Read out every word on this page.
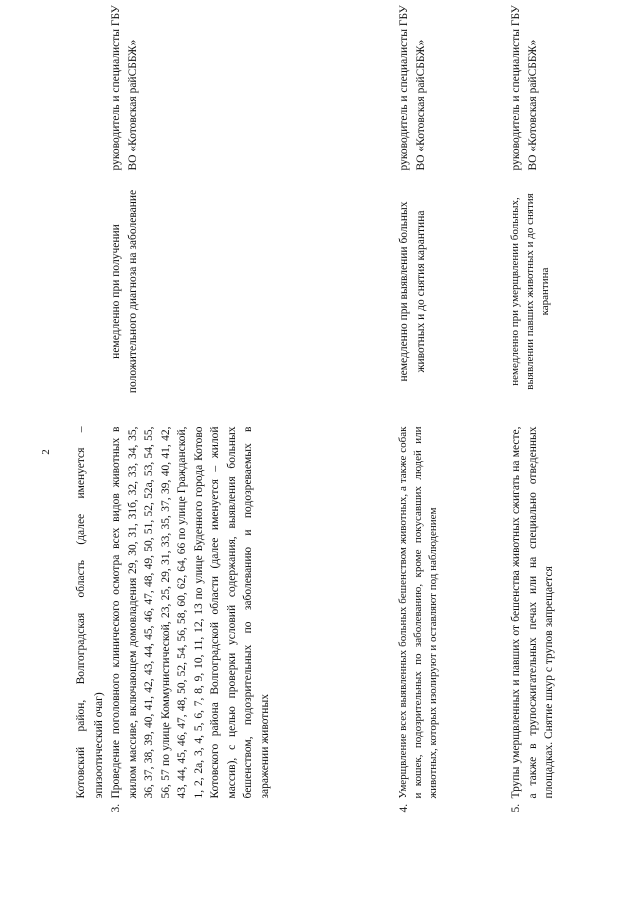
2 Котовский район, Волгоградская область (далее именуется – эпизоотический очаг)
3.
Проведение поголовного клинического осмотра всех видов животных в жилом массиве, включающем домовладения 29, 30, 31, 31б, 32, 33, 34, 35, 36, 37, 38, 39, 40, 41, 42, 43, 44, 45, 46, 47, 48, 49, 50, 51, 52, 52а, 53, 54, 55, 56, 57 по улице Коммунистической, 23, 25, 29, 31, 33, 35, 37, 39, 40, 41, 42, 43, 44, 45, 46, 47, 48, 50, 52, 54, 56, 58, 60, 62, 64, 66 по улице Гражданской, 1, 2, 2а, 3, 4, 5, 6, 7, 8, 9, 10, 11, 12, 13 по улице Буденного города Котово Котовского района Волгоградской области (далее именуется – жилой массив), с целью проверки условий содержания, выявления больных бешенством, подозрительных по заболеванию и подозреваемых в заражении животных
немедленно при получении положительного диагноза на заболевание
руководитель и специалисты ГБУ ВО «Котовская райСББЖ»
4.
Умерщвление всех выявленных больных бешенством животных, а также собак и кошек, подозрительных по заболеванию, кроме покусавших людей или животных, которых изолируют и оставляют под наблюдением
немедленно при выявлении больных животных и до снятия карантина
руководитель и специалисты ГБУ ВО «Котовская райСББЖ»
5.
Трупы умерщвленных и павших от бешенства животных сжигать на месте, а также в трупосжигательных печах или на специально отведенных площадках. Снятие шкур с трупов запрещается
немедленно при умерщвлении больных, выявлении павших животных и до снятия карантина
руководитель и специалисты ГБУ ВО «Котовская райСББЖ»
